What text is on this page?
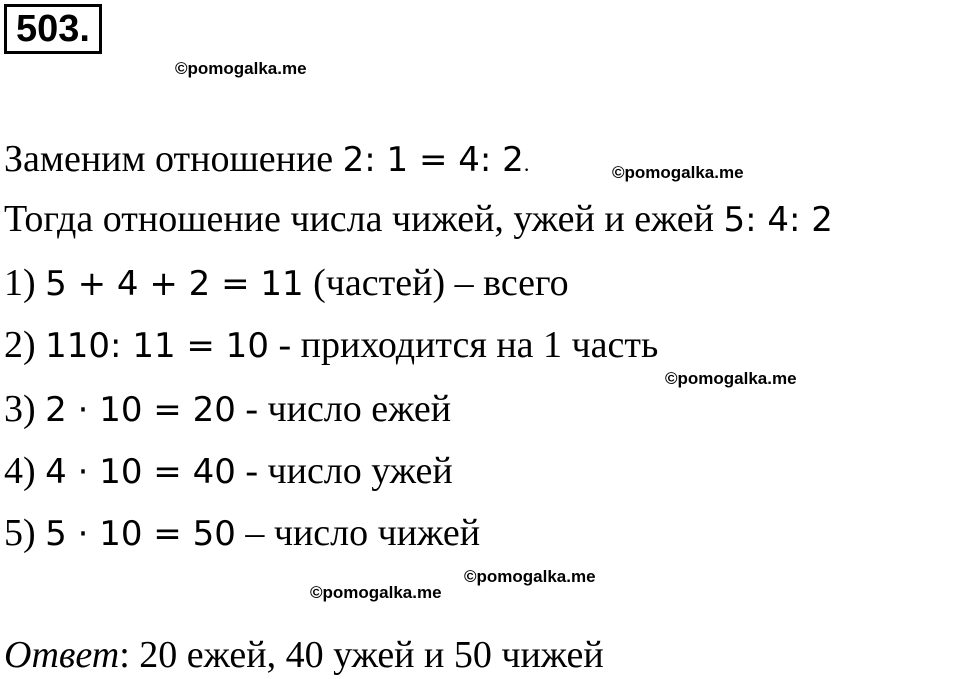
503.
©pomogalka.me
Заменим отношение 2: 1 = 4: 2.	©pomogalka.me
Тогда отношение числа чижей, ужей и ежей 5: 4: 2
1) 5 + 4 + 2 = 11 (частей) – всего
2) 110: 11 = 10 - приходится на 1 часть
©pomogalka.me
3) 2 · 10 = 20 - число ежей
4) 4 · 10 = 40 - число ужей
5) 5 · 10 = 50 – число чижей
©pomogalka.me
©pomogalka.me
Ответ: 20 ежей, 40 ужей и 50 чижей
